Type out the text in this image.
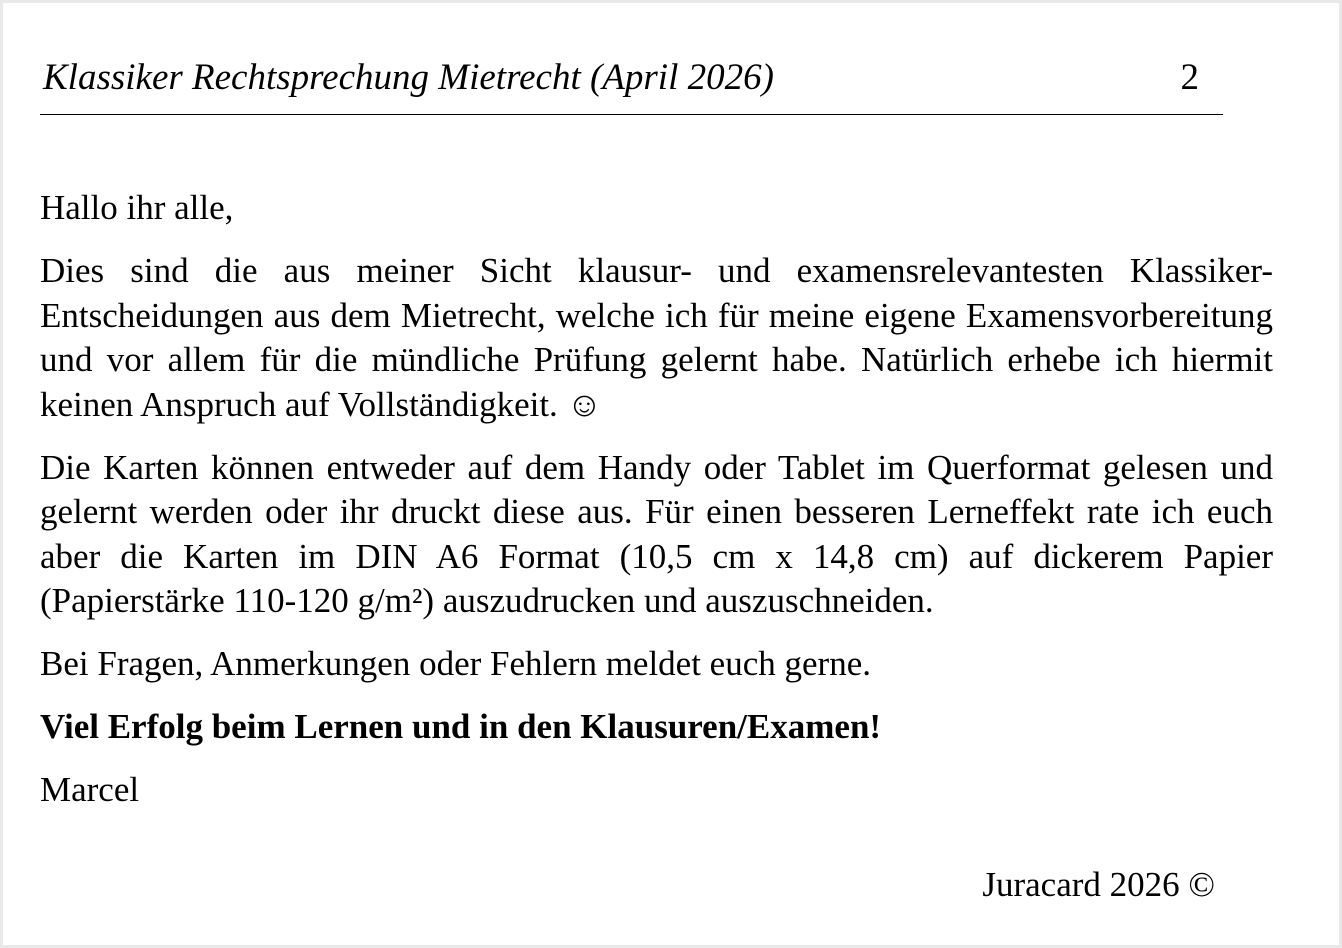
Klassiker Rechtsprechung Mietrecht (April 2026)	2

Hallo ihr alle,

Dies sind die aus meiner Sicht klausur- und examensrelevantesten Klassiker-Entscheidungen aus dem Mietrecht, welche ich für meine eigene Examensvorbereitung und vor allem für die mündliche Prüfung gelernt habe. Natürlich erhebe ich hiermit keinen Anspruch auf Vollständigkeit. ☺

Die Karten können entweder auf dem Handy oder Tablet im Querformat gelesen und gelernt werden oder ihr druckt diese aus. Für einen besseren Lerneffekt rate ich euch aber die Karten im DIN A6 Format (10,5 cm x 14,8 cm) auf dickerem Papier (Papierstärke 110-120 g/m²) auszudrucken und auszuschneiden.

Bei Fragen, Anmerkungen oder Fehlern meldet euch gerne.

Viel Erfolg beim Lernen und in den Klausuren/Examen!

Marcel

Juracard 2026 ©
